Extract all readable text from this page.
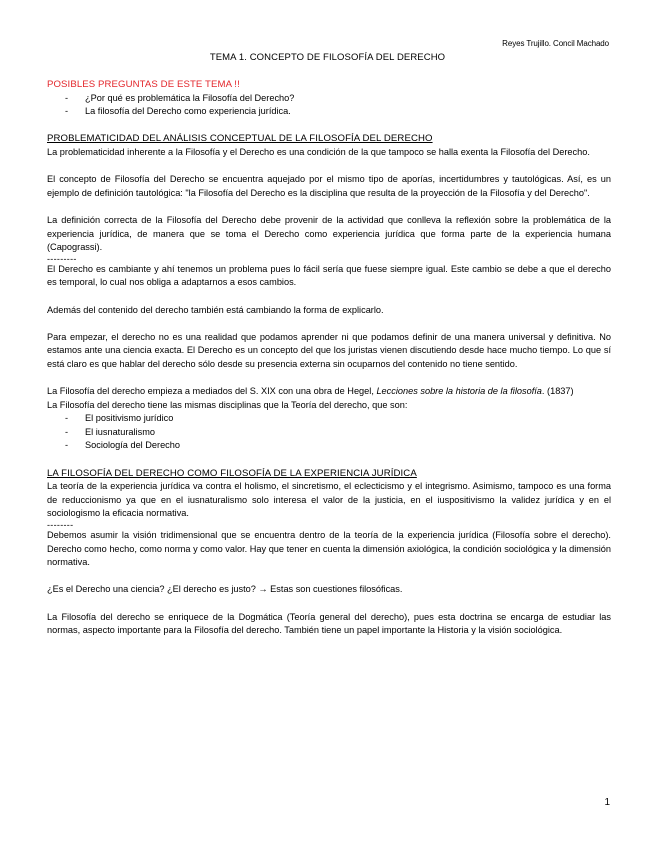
Reyes Trujillo. Concil Machado
TEMA 1. CONCEPTO DE FILOSOFÍA DEL DERECHO

POSIBLES PREGUNTAS DE ESTE TEMA !!

- ¿Por qué es problemática la Filosofía del Derecho?
- La filosofía del Derecho como experiencia jurídica.

PROBLEMATICIDAD DEL ANÁLISIS CONCEPTUAL DE LA FILOSOFÍA DEL DERECHO

La problematicidad inherente a la Filosofía y el Derecho es una condición de la que tampoco se halla exenta la Filosofía del Derecho.

El concepto de Filosofía del Derecho se encuentra aquejado por el mismo tipo de aporías, incertidumbres y tautológicas. Así, es un ejemplo de definición tautológica: "la Filosofía del Derecho es la disciplina que resulta de la proyección de la Filosofía y del Derecho".

La definición correcta de la Filosofía del Derecho debe provenir de la actividad que conlleva la reflexión sobre la problemática de la experiencia jurídica, de manera que se toma el Derecho como experiencia jurídica que forma parte de la experiencia humana (Capograssi).

---------

El Derecho es cambiante y ahí tenemos un problema pues lo fácil sería que fuese siempre igual. Este cambio se debe a que el derecho es temporal, lo cual nos obliga a adaptarnos a esos cambios.

Además del contenido del derecho también está cambiando la forma de explicarlo.

Para empezar, el derecho no es una realidad que podamos aprender ni que podamos definir de una manera universal y definitiva. No estamos ante una ciencia exacta. El Derecho es un concepto del que los juristas vienen discutiendo desde hace mucho tiempo. Lo que sí está claro es que hablar del derecho sólo desde su presencia externa sin ocuparnos del contenido no tiene sentido.

La Filosofía del derecho empieza a mediados del S. XIX con una obra de Hegel, Lecciones sobre la historia de la filosofía. (1837)

La Filosofía del derecho tiene las mismas disciplinas que la Teoría del derecho, que son:

- El positivismo jurídico
- El iusnaturalismo
- Sociología del Derecho

LA FILOSOFÍA DEL DERECHO COMO FILOSOFÍA DE LA EXPERIENCIA JURÍDICA

La teoría de la experiencia jurídica va contra el holismo, el sincretismo, el eclecticismo y el integrismo. Asimismo, tampoco es una forma de reduccionismo ya que en el iusnaturalismo solo interesa el valor de la justicia, en el iuspositivismo la validez jurídica y en el sociologismo la eficacia normativa.

--------

Debemos asumir la visión tridimensional que se encuentra dentro de la teoría de la experiencia jurídica (Filosofía sobre el derecho). Derecho como hecho, como norma y como valor. Hay que tener en cuenta la dimensión axiológica, la condición sociológica y la dimensión normativa.

¿Es el Derecho una ciencia? ¿El derecho es justo? → Estas son cuestiones filosóficas.

La Filosofía del derecho se enriquece de la Dogmática (Teoría general del derecho), pues esta doctrina se encarga de estudiar las normas, aspecto importante para la Filosofía del derecho. También tiene un papel importante la Historia y la visión sociológica.

1
